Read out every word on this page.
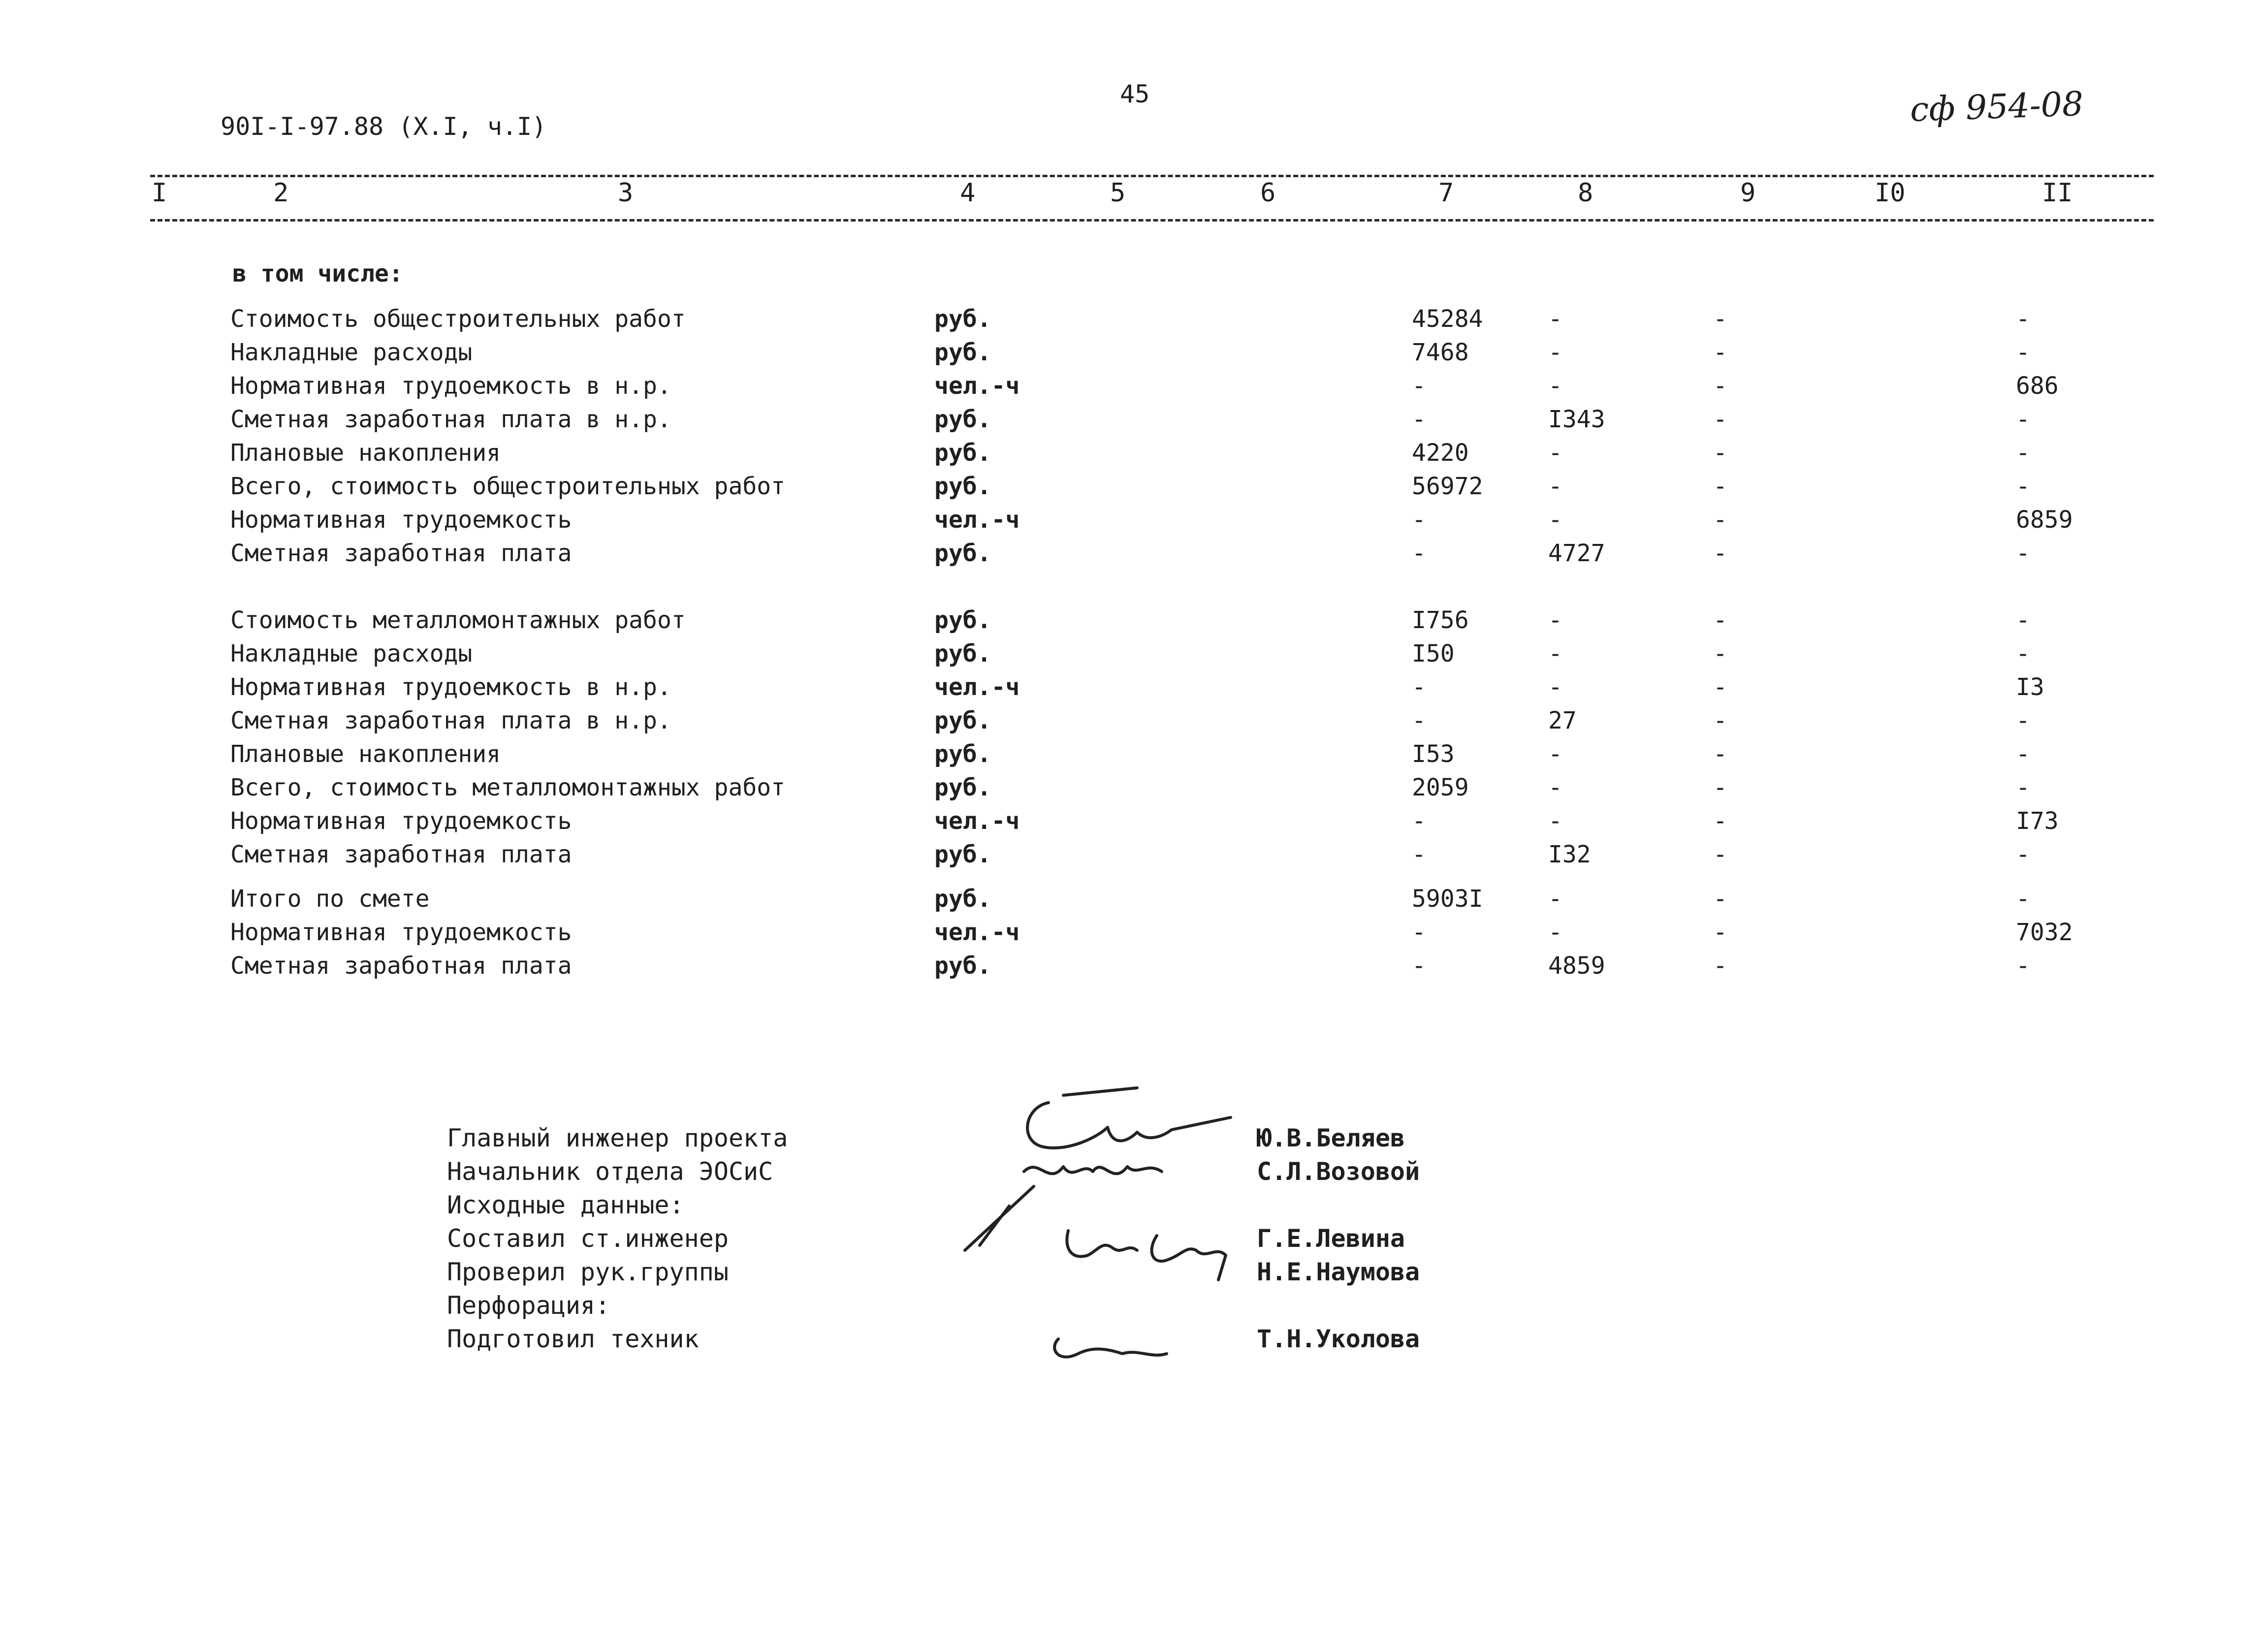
90I-I-97.88 (X.I, ч.I)
45	сф 954-08
I	2	3	4	5	6	7	8	9	I0	II
в том числе:
Стоимость общестроительных работ	руб.	45284	-	-	-
Накладные расходы	руб.	7468	-	-	-
Нормативная трудоемкость в н.р.	чел.-ч	-	-	-	686
Сметная заработная плата в н.р.	руб.	-	I343	-	-
Плановые накопления	руб.	4220	-	-	-
Всего, стоимость общестроительных работ	руб.	56972	-	-	-
Нормативная трудоемкость	чел.-ч	-	-	-	6859
Сметная заработная плата	руб.	-	4727	-	-
Стоимость металломонтажных работ	руб.	I756	-	-	-
Накладные расходы	руб.	I50	-	-	-
Нормативная трудоемкость в н.р.	чел.-ч	-	-	-	I3
Сметная заработная плата в н.р.	руб.	-	27	-	-
Плановые накопления	руб.	I53	-	-	-
Всего, стоимость металломонтажных работ	руб.	2059	-	-	-
Нормативная трудоемкость	чел.-ч	-	-	-	I73
Сметная заработная плата	руб.	-	I32	-	-
Итого по смете	руб.	5903I	-	-	-
Нормативная трудоемкость	чел.-ч	-	-	-	7032
Сметная заработная плата	руб.	-	4859	-	-
Главный инженер проекта
Начальник отдела ЭОСиС
Исходные данные:
Составил ст.инженер
Проверил рук.группы
Перфорация:
Подготовил техник
Ю.В.Беляев
С.Л.Возовой
Г.Е.Левина
Н.Е.Наумова
Т.Н.Уколова
